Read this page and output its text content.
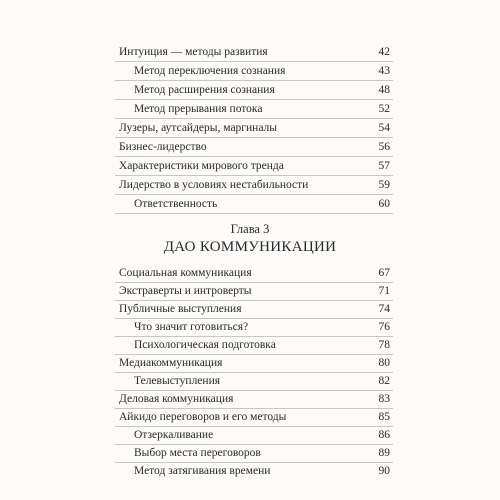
Интуиция — методы развития	42
Метод переключения сознания	43
Метод расширения сознания	48
Метод прерывания потока	52
Лузеры, аутсайдеры, маргиналы	54
Бизнес-лидерство	56
Характеристики мирового тренда	57
Лидерство в условиях нестабильности	59
Ответственность	60
Глава 3
ДАО КОММУНИКАЦИИ
Социальная коммуникация	67
Экстраверты и интроверты	71
Публичные выступления	74
Что значит готовиться?	76
Психологическая подготовка	78
Медиакоммуникация	80
Телевыступления	82
Деловая коммуникация	83
Айкидо переговоров и его методы	85
Отзеркаливание	86
Выбор места переговоров	89
Метод затягивания времени	90
